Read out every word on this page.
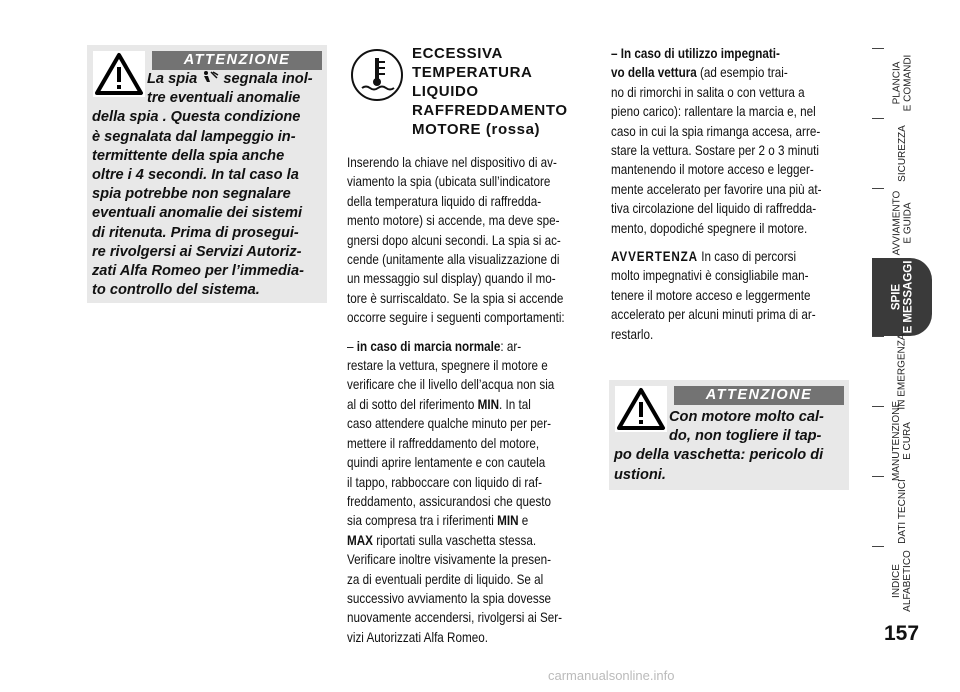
ATTENZIONE
La spia segnala inol-
tre eventuali anomalie
della spia . Questa condizione
è segnalata dal lampeggio in-
termittente della spia anche
oltre i 4 secondi. In tal caso la
spia potrebbe non segnalare
eventuali anomalie dei sistemi
di ritenuta. Prima di prosegui-
re rivolgersi ai Servizi Autoriz-
zati Alfa Romeo per l’immedia-
to controllo del sistema.
ECCESSIVA
TEMPERATURA
LIQUIDO
RAFFREDDAMENTO
MOTORE (rossa)

Inserendo la chiave nel dispositivo di av-

viamento la spia (ubicata sull’indicatore

della temperatura liquido di raffredda-

mento motore) si accende, ma deve spe-

gnersi dopo alcuni secondi. La spia si ac-

cende (unitamente alla visualizzazione di

un messaggio sul display) quando il mo-

tore è surriscaldato. Se la spia si accende

occorre seguire i seguenti comportamenti:

– in caso di marcia normale: ar-

restare la vettura, spegnere il motore e

verificare che il livello dell’acqua non sia

al di sotto del riferimento MIN. In tal

caso attendere qualche minuto per per-

mettere il raffreddamento del motore,

quindi aprire lentamente e con cautela

il tappo, rabboccare con liquido di raf-

freddamento, assicurandosi che questo

sia compresa tra i riferimenti MIN e

MAX riportati sulla vaschetta stessa.

Verificare inoltre visivamente la presen-

za di eventuali perdite di liquido. Se al

successivo avviamento la spia dovesse

nuovamente accendersi, rivolgersi ai Ser-

vizi Autorizzati Alfa Romeo.

– In caso di utilizzo impegnati-

vo della vettura (ad esempio trai-

no di rimorchi in salita o con vettura a

pieno carico): rallentare la marcia e, nel

caso in cui la spia rimanga accesa, arre-

stare la vettura. Sostare per 2 o 3 minuti

mantenendo il motore acceso e legger-

mente accelerato per favorire una più at-

tiva circolazione del liquido di raffredda-

mento, dopodiché spegnere il motore.

AVVERTENZA In caso di percorsi

molto impegnativi è consigliabile man-

tenere il motore acceso e leggermente

accelerato per alcuni minuti prima di ar-

restarlo.

ATTENZIONE
Con motore molto cal-
do, non togliere il tap-
po della vaschetta: pericolo di
ustioni.
PLANCIA
E COMANDI
SICUREZZA
AVVIAMENTO
E GUIDA
SPIE
E MESSAGGI
IN EMERGENZA
MANUTENZIONE
E CURA
DATI TECNICI
INDICE
ALFABETICO
157
carmanualsonline.info
